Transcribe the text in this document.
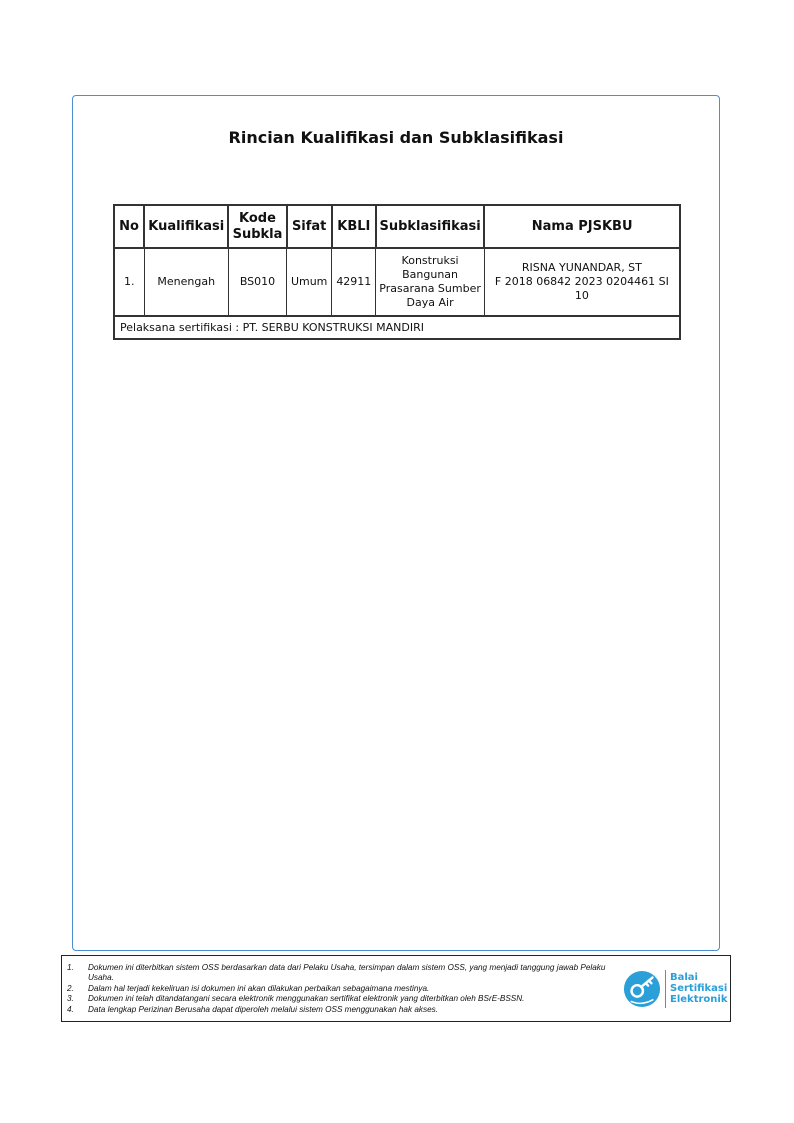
Rincian Kualifikasi dan Subklasifikasi
No	Kualifikasi	Kode Subkla	Sifat	KBLI	Subklasifikasi	Nama PJSKBU
1.	Menengah	BS010	Umum	42911	Konstruksi Bangunan Prasarana Sumber Daya Air	RISNA YUNANDAR, ST
F 2018 06842 2023 0204461 SI 10

Pelaksana sertifikasi : PT. SERBU KONSTRUKSI MANDIRI						
1. Dokumen ini diterbitkan sistem OSS berdasarkan data dari Pelaku Usaha, tersimpan dalam sistem OSS, yang menjadi tanggung jawab Pelaku Usaha.
2. Dalam hal terjadi kekeliruan isi dokumen ini akan dilakukan perbaikan sebagaimana mestinya.
3. Dokumen ini telah ditandatangani secara elektronik menggunakan sertifikat elektronik yang diterbitkan oleh BSrE-BSSN.
4. Data lengkap Perizinan Berusaha dapat diperoleh melalui sistem OSS menggunakan hak akses.
Balai
Sertifikasi
Elektronik
